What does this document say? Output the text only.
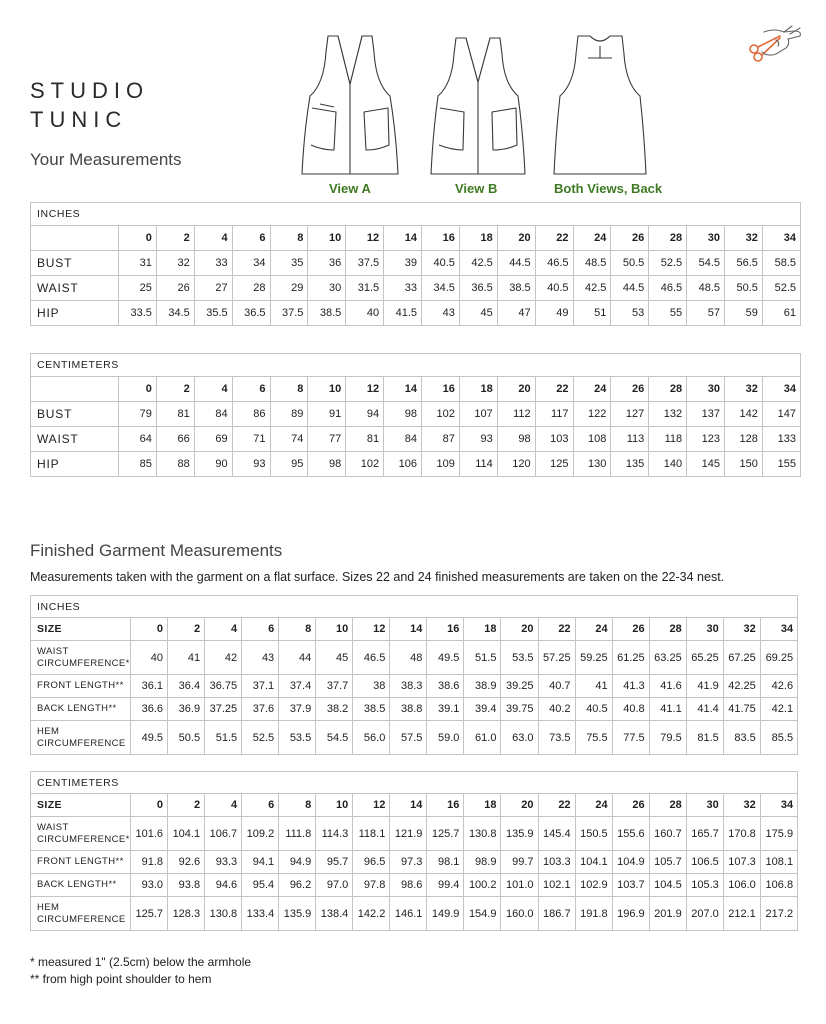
STUDIO
TUNIC
Your Measurements
View A	View B	Both Views, Back
INCHES																		
	0	2	4	6	8	10	12	14	16	18	20	22	24	26	28	30	32	34
BUST	31	32	33	34	35	36	37.5	39	40.5	42.5	44.5	46.5	48.5	50.5	52.5	54.5	56.5	58.5
WAIST	25	26	27	28	29	30	31.5	33	34.5	36.5	38.5	40.5	42.5	44.5	46.5	48.5	50.5	52.5
HIP	33.5	34.5	35.5	36.5	37.5	38.5	40	41.5	43	45	47	49	51	53	55	57	59	61
CENTIMETERS																		
	0	2	4	6	8	10	12	14	16	18	20	22	24	26	28	30	32	34
BUST	79	81	84	86	89	91	94	98	102	107	112	117	122	127	132	137	142	147
WAIST	64	66	69	71	74	77	81	84	87	93	98	103	108	113	118	123	128	133
HIP	85	88	90	93	95	98	102	106	109	114	120	125	130	135	140	145	150	155
Finished Garment Measurements
Measurements taken with the garment on a flat surface. Sizes 22 and 24 finished measurements are taken on the 22-34 nest.
INCHES																		
SIZE	0	2	4	6	8	10	12	14	16	18	20	22	24	26	28	30	32	34

WAIST
CIRCUMFERENCE*	40	41	42	43	44	45	46.5	48	49.5	51.5	53.5	57.25	59.25	61.25	63.25	65.25	67.25	69.25

FRONT LENGTH**	36.1	36.4	36.75	37.1	37.4	37.7	38	38.3	38.6	38.9	39.25	40.7	41	41.3	41.6	41.9	42.25	42.6

BACK LENGTH**	36.6	36.9	37.25	37.6	37.9	38.2	38.5	38.8	39.1	39.4	39.75	40.2	40.5	40.8	41.1	41.4	41.75	42.1

HEM
CIRCUMFERENCE	49.5	50.5	51.5	52.5	53.5	54.5	56.0	57.5	59.0	61.0	63.0	73.5	75.5	77.5	79.5	81.5	83.5	85.5
CENTIMETERS																		
SIZE	0	2	4	6	8	10	12	14	16	18	20	22	24	26	28	30	32	34

WAIST
CIRCUMFERENCE*	101.6	104.1	106.7	109.2	111.8	114.3	118.1	121.9	125.7	130.8	135.9	145.4	150.5	155.6	160.7	165.7	170.8	175.9

FRONT LENGTH**	91.8	92.6	93.3	94.1	94.9	95.7	96.5	97.3	98.1	98.9	99.7	103.3	104.1	104.9	105.7	106.5	107.3	108.1

BACK LENGTH**	93.0	93.8	94.6	95.4	96.2	97.0	97.8	98.6	99.4	100.2	101.0	102.1	102.9	103.7	104.5	105.3	106.0	106.8

HEM
CIRCUMFERENCE	125.7	128.3	130.8	133.4	135.9	138.4	142.2	146.1	149.9	154.9	160.0	186.7	191.8	196.9	201.9	207.0	212.1	217.2
* measured 1" (2.5cm) below the armhole
** from high point shoulder to hem
